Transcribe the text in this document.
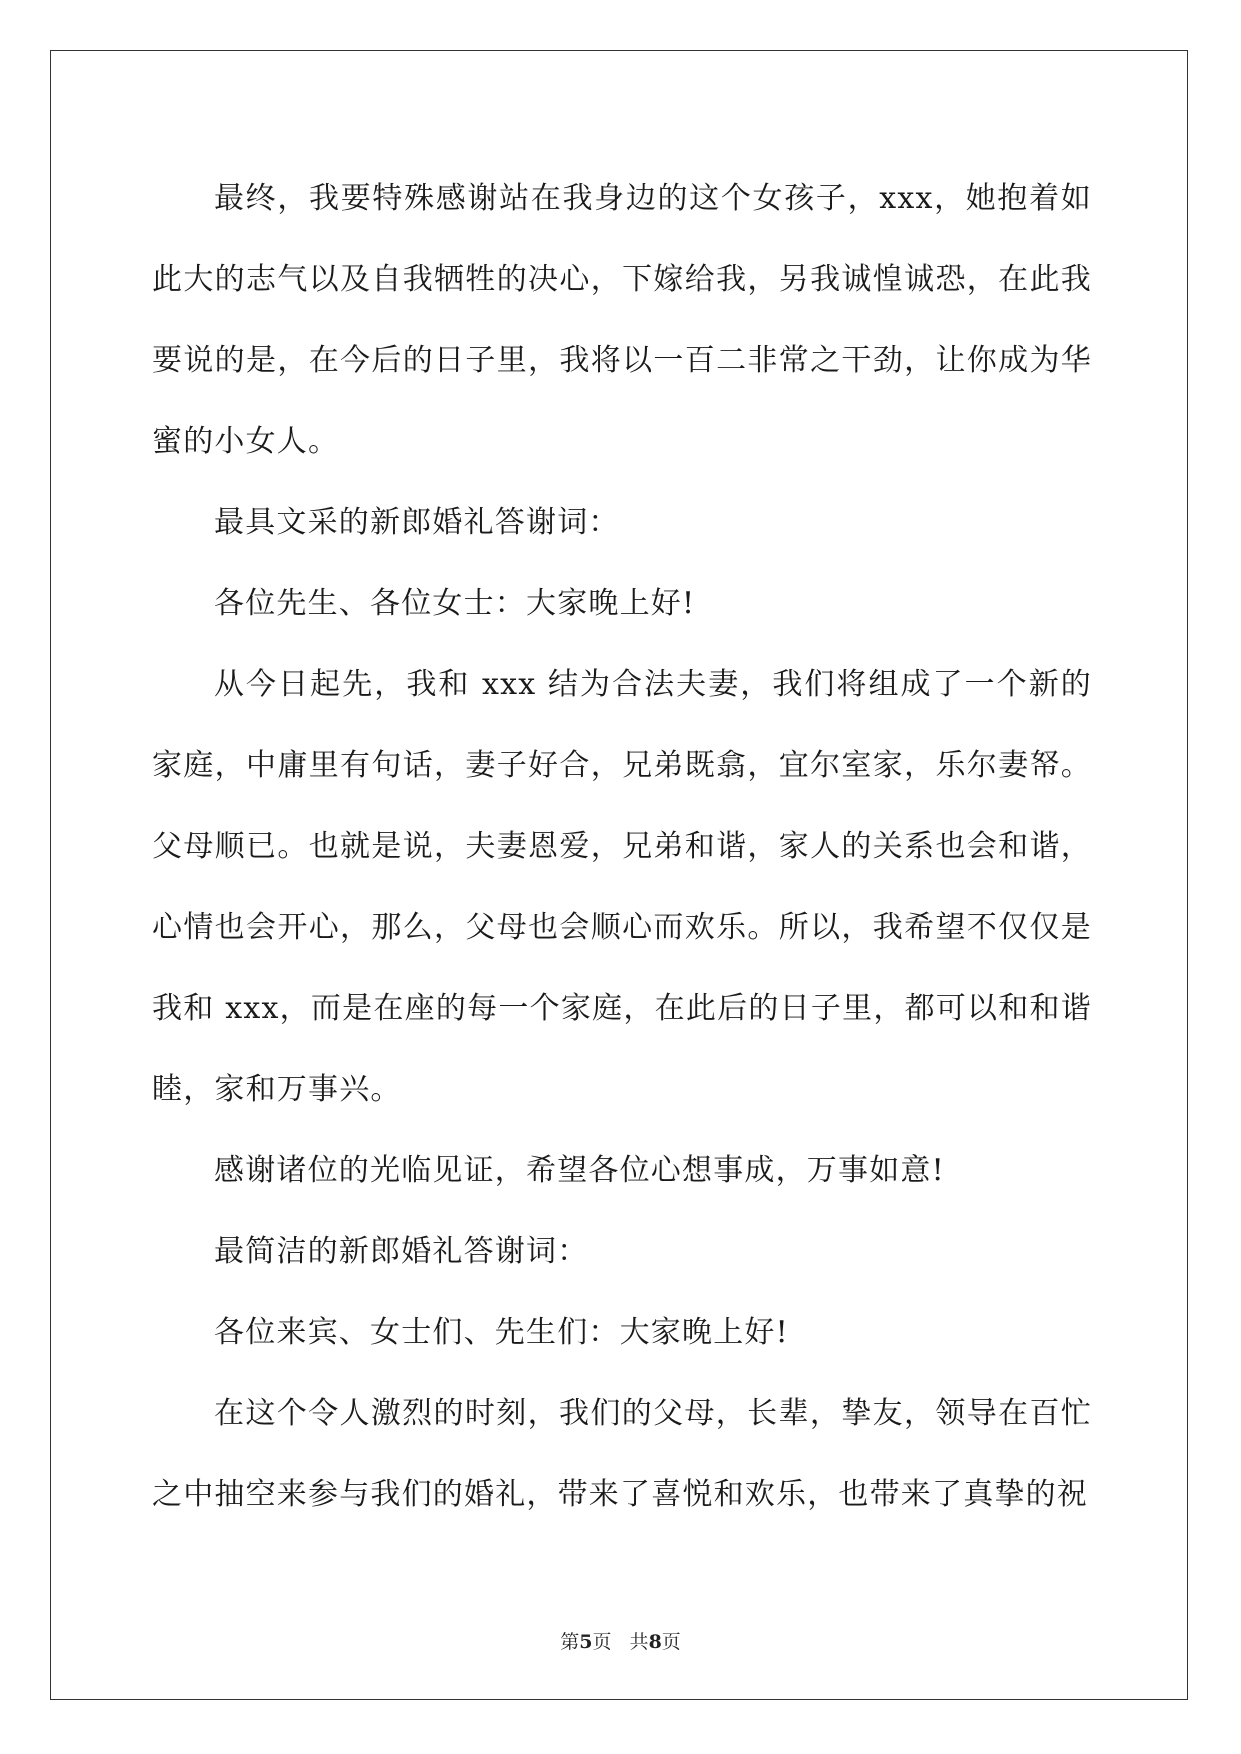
最终，我要特殊感谢站在我身边的这个女孩子，xxx，她抱着如此大的志气以及自我牺牲的决心，下嫁给我，另我诚惶诚恐，在此我要说的是，在今后的日子里，我将以一百二非常之干劲，让你成为华蜜的小女人。

最具文采的新郎婚礼答谢词：

各位先生、各位女士：大家晚上好!

从今日起先，我和 xxx 结为合法夫妻，我们将组成了一个新的家庭，中庸里有句话，妻子好合，兄弟既翕，宜尔室家，乐尔妻帑。父母顺已。也就是说，夫妻恩爱，兄弟和谐，家人的关系也会和谐，心情也会开心，那么，父母也会顺心而欢乐。所以，我希望不仅仅是我和 xxx，而是在座的每一个家庭，在此后的日子里，都可以和和谐睦，家和万事兴。

感谢诸位的光临见证，希望各位心想事成，万事如意!

最简洁的新郎婚礼答谢词：

各位来宾、女士们、先生们：大家晚上好!

在这个令人激烈的时刻，我们的父母，长辈，挚友，领导在百忙之中抽空来参与我们的婚礼，带来了喜悦和欢乐，也带来了真挚的祝

第5页   共8页
